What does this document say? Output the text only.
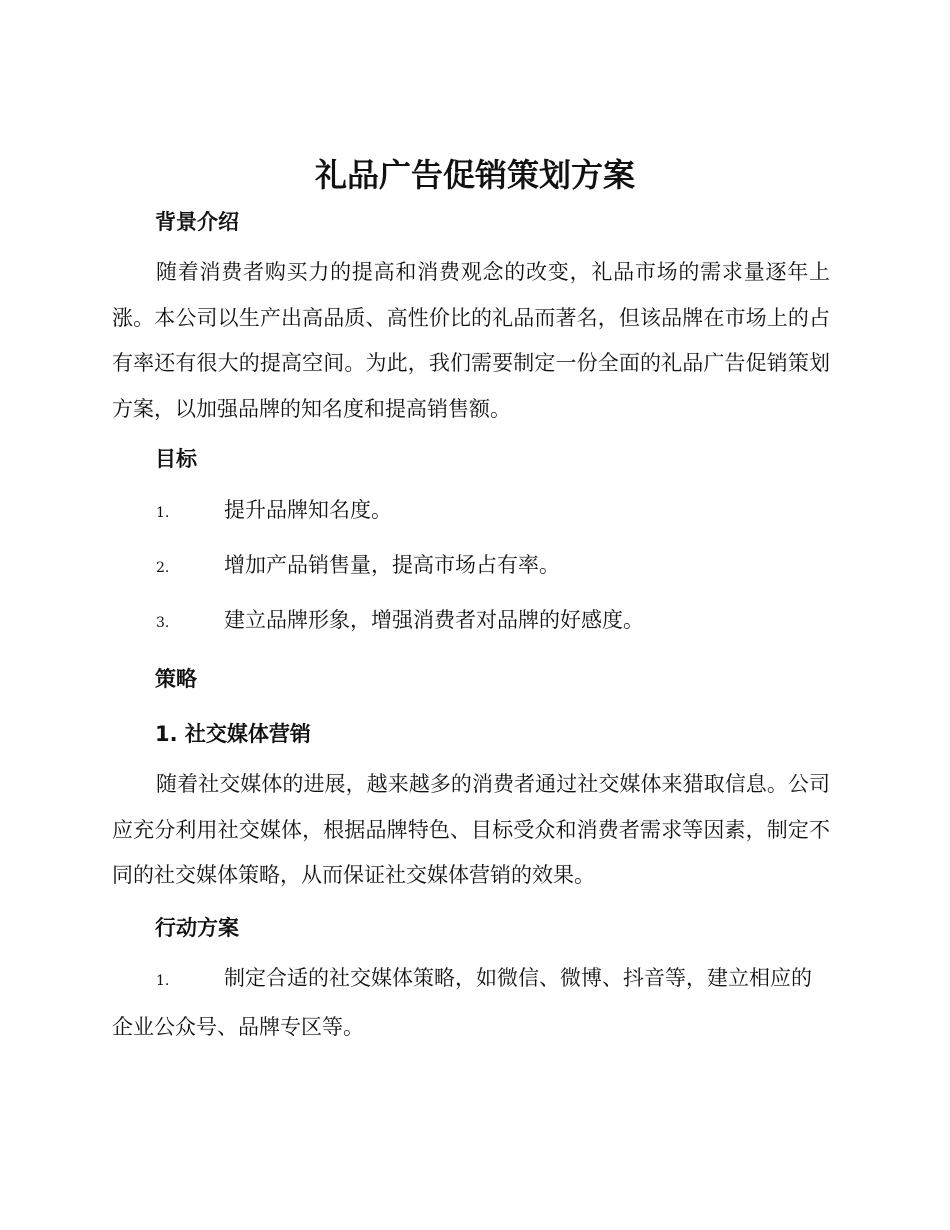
礼品广告促销策划方案
背景介绍

随着消费者购买力的提高和消费观念的改变，礼品市场的需求量逐年上涨。本公司以生产出高品质、高性价比的礼品而著名，但该品牌在市场上的占有率还有很大的提高空间。为此，我们需要制定一份全面的礼品广告促销策划方案，以加强品牌的知名度和提高销售额。

目标
1.	提升品牌知名度。
2.	增加产品销售量，提高市场占有率。
3.	建立品牌形象，增强消费者对品牌的好感度。
策略
1. 社交媒体营销

随着社交媒体的进展，越来越多的消费者通过社交媒体来猎取信息。公司应充分利用社交媒体，根据品牌特色、目标受众和消费者需求等因素，制定不同的社交媒体策略，从而保证社交媒体营销的效果。

行动方案
1.	制定合适的社交媒体策略，如微信、微博、抖音等，建立相应的企业公众号、品牌专区等。
